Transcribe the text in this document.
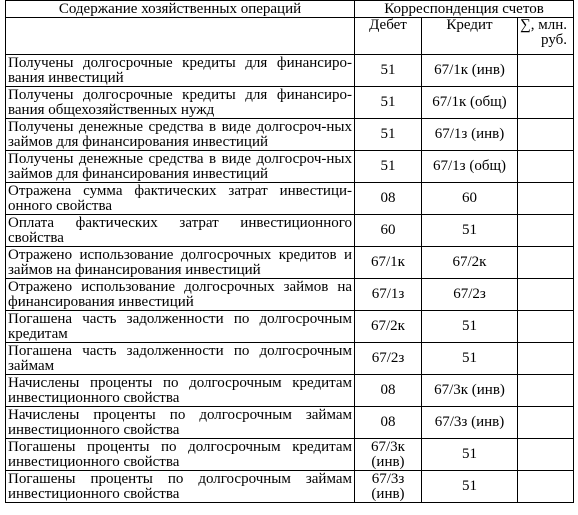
Содержание хозяйственных операций	Корреспонденция счетов		
	Дебет	Кредит	∑, млн. руб.
Получены долгосрочные кредиты для финансиро-вания инвестиций	51	67/1к (инв)	
Получены долгосрочные кредиты для финансиро-вания общехозяйственных нужд	51	67/1к (общ)	
Получены денежные средства в виде долгосроч-ных займов для финансирования инвестиций	51	67/1з (инв)	
Получены денежные средства в виде долгосроч-ных займов для финансирования инвестиций	51	67/1з (общ)	
Отражена сумма фактических затрат инвестици-онного свойства	08	60	
Оплата фактических затрат инвестиционного свойства	60	51	
Отражено использование долгосрочных кредитов и займов на финансирования инвестиций	67/1к	67/2к	
Отражено использование долгосрочных займов на финансирования инвестиций	67/1з	67/2з	
Погашена часть задолженности по долгосрочным кредитам	67/2к	51	
Погашена часть задолженности по долгосрочным займам	67/2з	51	
Начислены проценты по долгосрочным кредитам инвестиционного свойства	08	67/3к (инв)	
Начислены проценты по долгосрочным займам инвестиционного свойства	08	67/3з (инв)	
Погашены проценты по долгосрочным кредитам инвестиционного свойства	67/3к (инв)	51	
Погашены проценты по долгосрочным займам инвестиционного свойства	67/3з (инв)	51	
